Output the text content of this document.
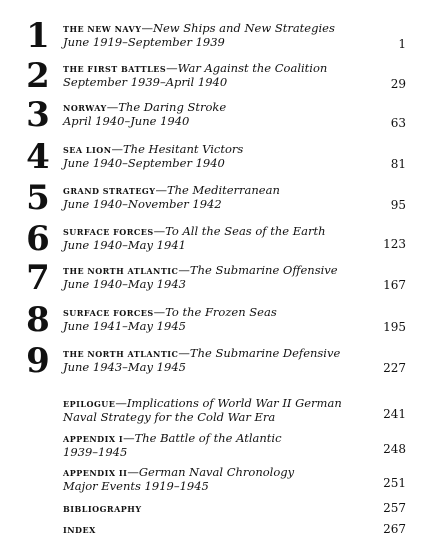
1	THE NEW NAVY—New Ships and New Strategies
June 1919–September 1939	1
2	THE FIRST BATTLES—War Against the Coalition
September 1939–April 1940	29
3	NORWAY—The Daring Stroke
April 1940–June 1940	63
4	SEA LION—The Hesitant Victors
June 1940–September 1940	81
5	GRAND STRATEGY—The Mediterranean
June 1940–November 1942	95
6	SURFACE FORCES—To All the Seas of the Earth
June 1940–May 1941	123
7	THE NORTH ATLANTIC—The Submarine Offensive
June 1940–May 1943	167
8	SURFACE FORCES—To the Frozen Seas
June 1941–May 1945	195
9	THE NORTH ATLANTIC—The Submarine Defensive
June 1943–May 1945	227
EPILOGUE—Implications of World War II German
Naval Strategy for the Cold War Era	241
APPENDIX I—The Battle of the Atlantic
1939–1945	248
APPENDIX II—German Naval Chronology
Major Events 1919–1945	251
BIBLIOGRAPHY	257
INDEX	267
